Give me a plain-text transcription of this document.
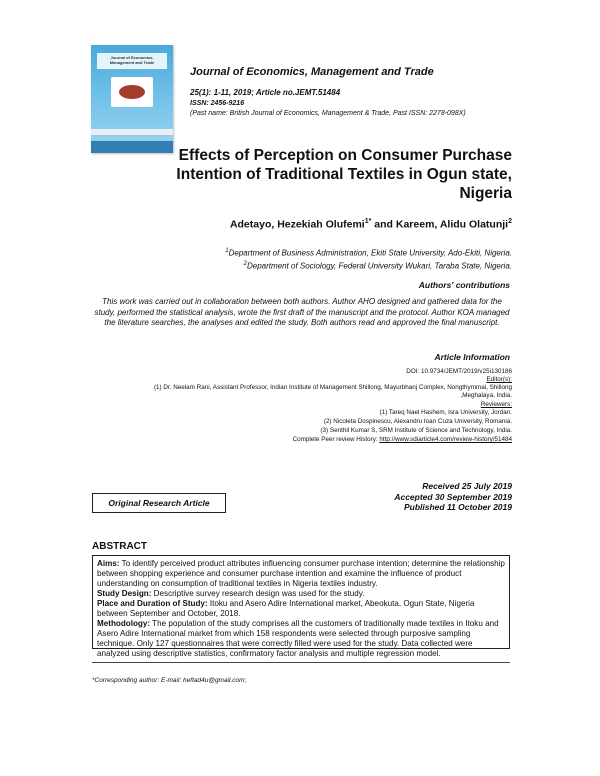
Journal of Economics, Management and Trade
Journal of Economics, Management and Trade
25(1): 1-11, 2019; Article no.JEMT.51484
ISSN: 2456-9216
(Past name: British Journal of Economics, Management & Trade, Past ISSN: 2278-098X)
Effects of Perception on Consumer Purchase Intention of Traditional Textiles in Ogun state, Nigeria
Adetayo, Hezekiah Olufemi$^{1*}$ and Kareem, Alidu Olatunji$^2$
$^1$Department of Business Administration, Ekiti State University, Ado-Ekiti, Nigeria.
$^2$Department of Sociology, Federal University Wukari, Taraba State, Nigeria.
Authors' contributions
This work was carried out in collaboration between both authors. Author AHO designed and gathered data for the study, performed the statistical analysis, wrote the first draft of the manuscript and the protocol. Author KOA managed the literature searches, the analyses and edited the study. Both authors read and approved the final manuscript.
Article Information
DOI: 10.9734/JEMT/2019/v25i130186
Editor(s):
(1) Dr. Neelam Rani, Assistant Professor, Indian Institute of Management Shillong, Mayurbhanj Complex, Nongthymmai, Shillong ,Meghalaya, India.
Reviewers:
(1) Tareq Nael Hashem, Isra University, Jordan.
(2) Nicoleta Dospinescu, Alexandru Ioan Cuza University, Romania.
(3) Senthil Kumar S, SRM Institute of Science and Technology, India.
Complete Peer review History: http://www.sdiarticle4.com/review-history/51484
Original Research Article
Received 25 July 2019
Accepted 30 September 2019
Published 11 October 2019
ABSTRACT

Aims: To identify perceived product attributes influencing consumer purchase intention; determine the relationship between shopping experience and consumer purchase intention and examine the influence of product understanding on consumption of traditional textiles in Nigeria textiles industry.

Study Design: Descriptive survey research design was used for the study.

Place and Duration of Study: Itoku and Asero Adire International market, Abeokuta, Ogun State, Nigeria between September and October, 2018.

Methodology: The population of the study comprises all the customers of traditionally made textiles in Itoku and Asero Adire International market from which 158 respondents were selected through purposive sampling technique. Only 127 questionnaires that were correctly filled were used for the study. Data collected were analyzed using descriptive statistics, confirmatory factor analysis and multiple regression model.

*Corresponding author: E-mail: heftad4u@gmail.com;
